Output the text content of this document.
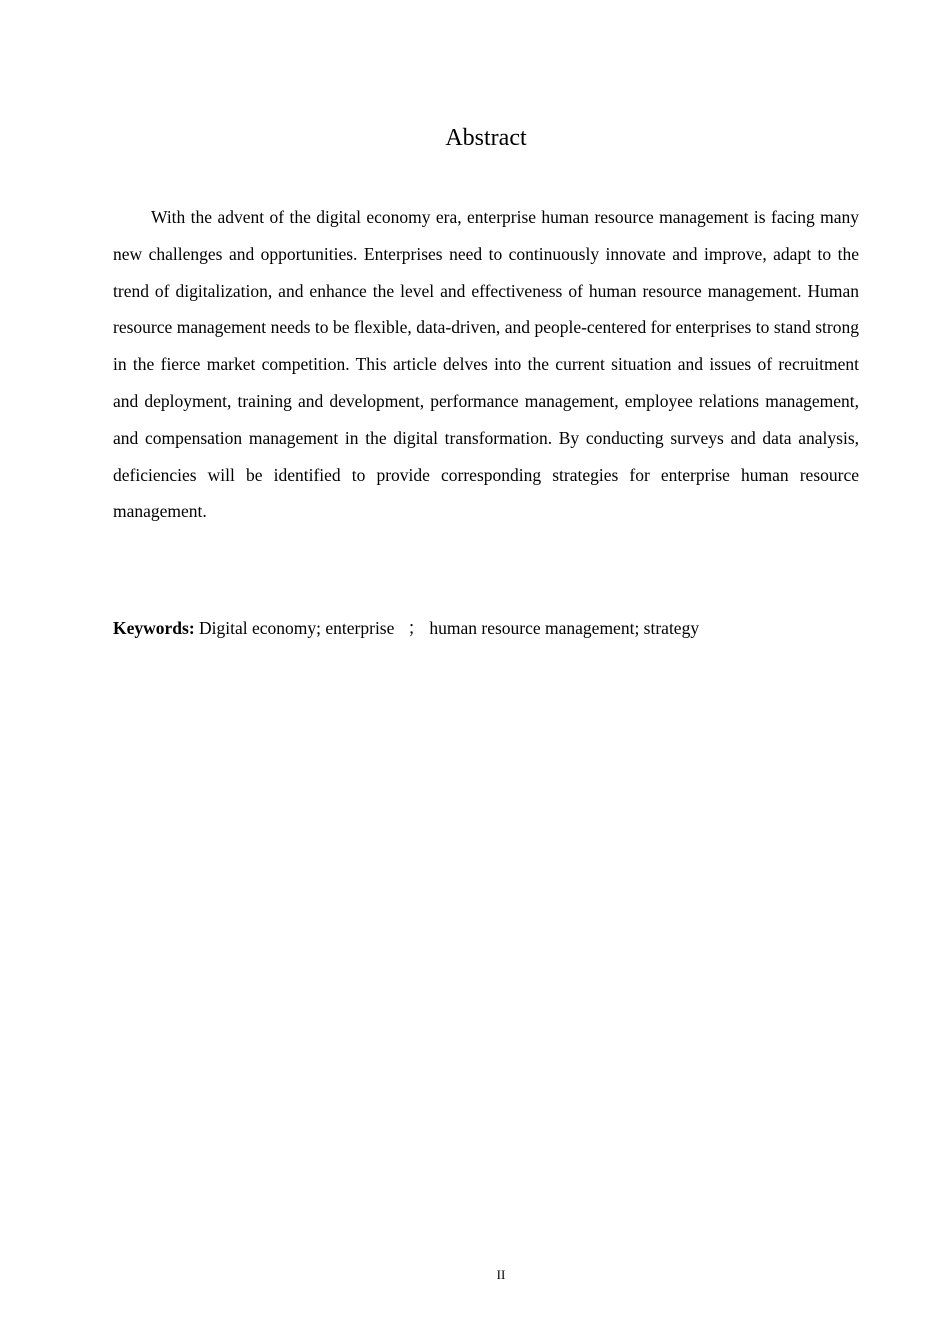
Abstract

With the advent of the digital economy era, enterprise human resource management is facing many new challenges and opportunities. Enterprises need to continuously innovate and improve, adapt to the trend of digitalization, and enhance the level and effectiveness of human resource management. Human resource management needs to be flexible, data-driven, and people-centered for enterprises to stand strong in the fierce market competition. This article delves into the current situation and issues of recruitment and deployment, training and development, performance management, employee relations management, and compensation management in the digital transformation. By conducting surveys and data analysis, deficiencies will be identified to provide corresponding strategies for enterprise human resource management.

Keywords: Digital economy; enterprise   ； human resource management; strategy

II
